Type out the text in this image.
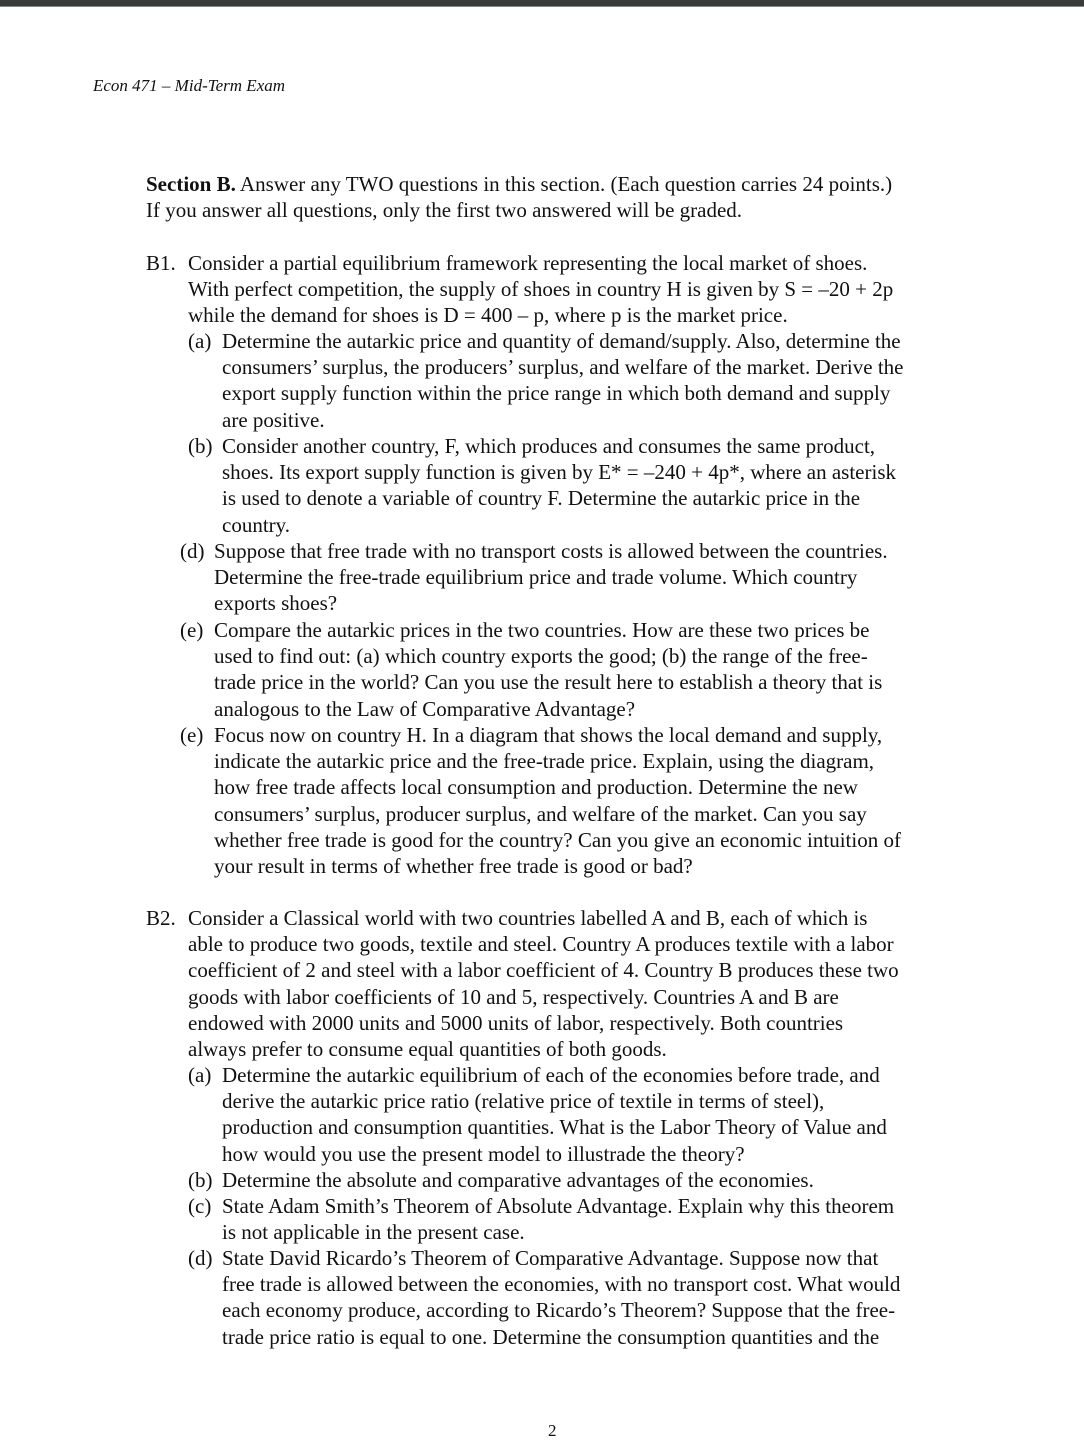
Econ 471 – Mid-Term Exam
Section B. Answer any TWO questions in this section. (Each question carries 24 points.)
If you answer all questions, only the first two answered will be graded.
B1. Consider a partial equilibrium framework representing the local market of shoes.
With perfect competition, the supply of shoes in country H is given by S = –20 + 2p
while the demand for shoes is D = 400 – p, where p is the market price.
(a) Determine the autarkic price and quantity of demand/supply. Also, determine the
consumers’ surplus, the producers’ surplus, and welfare of the market. Derive the
export supply function within the price range in which both demand and supply
are positive.
(b) Consider another country, F, which produces and consumes the same product,
shoes. Its export supply function is given by E* = –240 + 4p*, where an asterisk
is used to denote a variable of country F. Determine the autarkic price in the
country.
(d) Suppose that free trade with no transport costs is allowed between the countries.
Determine the free-trade equilibrium price and trade volume. Which country
exports shoes?
(e) Compare the autarkic prices in the two countries. How are these two prices be
used to find out: (a) which country exports the good; (b) the range of the free-
trade price in the world? Can you use the result here to establish a theory that is
analogous to the Law of Comparative Advantage?
(e) Focus now on country H. In a diagram that shows the local demand and supply,
indicate the autarkic price and the free-trade price. Explain, using the diagram,
how free trade affects local consumption and production. Determine the new
consumers’ surplus, producer surplus, and welfare of the market. Can you say
whether free trade is good for the country? Can you give an economic intuition of
your result in terms of whether free trade is good or bad?
B2. Consider a Classical world with two countries labelled A and B, each of which is
able to produce two goods, textile and steel. Country A produces textile with a labor
coefficient of 2 and steel with a labor coefficient of 4. Country B produces these two
goods with labor coefficients of 10 and 5, respectively. Countries A and B are
endowed with 2000 units and 5000 units of labor, respectively. Both countries
always prefer to consume equal quantities of both goods.
(a) Determine the autarkic equilibrium of each of the economies before trade, and
derive the autarkic price ratio (relative price of textile in terms of steel),
production and consumption quantities. What is the Labor Theory of Value and
how would you use the present model to illustrade the theory?
(b) Determine the absolute and comparative advantages of the economies.
(c) State Adam Smith’s Theorem of Absolute Advantage. Explain why this theorem
is not applicable in the present case.
(d) State David Ricardo’s Theorem of Comparative Advantage. Suppose now that
free trade is allowed between the economies, with no transport cost. What would
each economy produce, according to Ricardo’s Theorem? Suppose that the free-
trade price ratio is equal to one. Determine the consumption quantities and the
2
